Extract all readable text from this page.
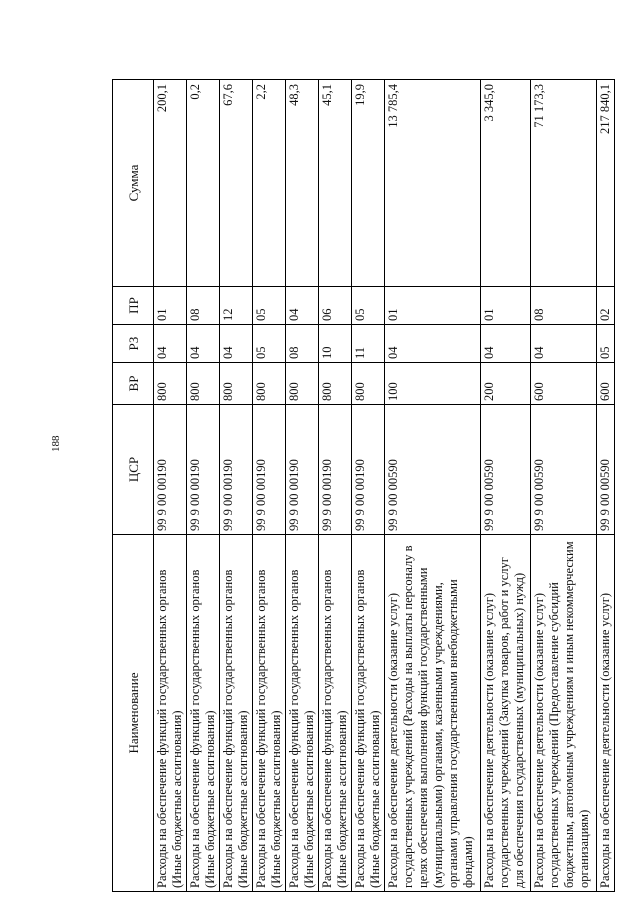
188
Наименование	ЦСР	ВР	РЗ	ПР	Сумма
Расходы на обеспечение функций государственных органов (Иные бюджетные ассигнования)	99 9 00 00190	800	04	01	200,1
Расходы на обеспечение функций государственных органов (Иные бюджетные ассигнования)	99 9 00 00190	800	04	08	0,2
Расходы на обеспечение функций государственных органов (Иные бюджетные ассигнования)	99 9 00 00190	800	04	12	67,6
Расходы на обеспечение функций государственных органов (Иные бюджетные ассигнования)	99 9 00 00190	800	05	05	2,2
Расходы на обеспечение функций государственных органов (Иные бюджетные ассигнования)	99 9 00 00190	800	08	04	48,3
Расходы на обеспечение функций государственных органов (Иные бюджетные ассигнования)	99 9 00 00190	800	10	06	45,1
Расходы на обеспечение функций государственных органов (Иные бюджетные ассигнования)	99 9 00 00190	800	11	05	19,9
Расходы на обеспечение деятельности (оказание услуг) государственных учреждений (Расходы на выплаты персоналу в целях обеспечения выполнения функций государственными (муниципальными) органами, казенными учреждениями, органами управления государственными внебюджетными фондами)	99 9 00 00590	100	04	01	13 785,4
Расходы на обеспечение деятельности (оказание услуг) государственных учреждений (Закупка товаров, работ и услуг для обеспечения государственных (муниципальных) нужд)	99 9 00 00590	200	04	01	3 345,0
Расходы на обеспечение деятельности (оказание услуг) государственных учреждений (Предоставление субсидий бюджетным, автономным учреждениям и иным некоммерческим организациям)	99 9 00 00590	600	04	08	71 173,3
Расходы на обеспечение деятельности (оказание услуг)	99 9 00 00590	600	05	02	217 840,1
